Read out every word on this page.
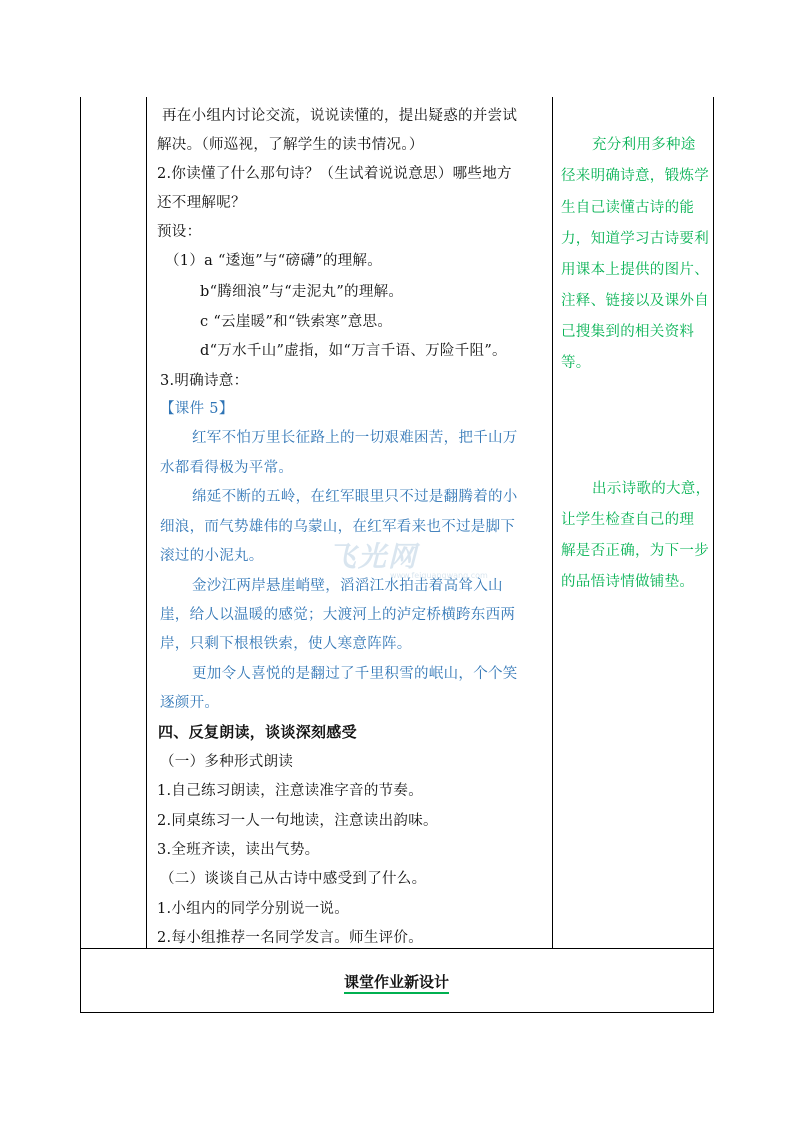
再在小组内讨论交流，说说读懂的，提出疑惑的并尝试
解决。（师巡视，了解学生的读书情况。）
2.你读懂了什么那句诗？（生试着说说意思）哪些地方
还不理解呢？
预设：
（1）a “逶迤”与“磅礴”的理解。
b“腾细浪”与“走泥丸”的理解。
c “云崖暖”和“铁索寒”意思。
d“万水千山”虚指，如“万言千语、万险千阻”。
3.明确诗意：
【课件 5】
红军不怕万里长征路上的一切艰难困苦，把千山万
水都看得极为平常。
绵延不断的五岭，在红军眼里只不过是翻腾着的小
细浪，而气势雄伟的乌蒙山，在红军看来也不过是脚下
滚过的小泥丸。
金沙江两岸悬崖峭壁，滔滔江水拍击着高耸入山
崖，给人以温暖的感觉；大渡河上的泸定桥横跨东西两
岸，只剩下根根铁索，使人寒意阵阵。
更加令人喜悦的是翻过了千里积雪的岷山，个个笑
逐颜开。
四、反复朗读，谈谈深刻感受
（一）多种形式朗读
1.自己练习朗读，注意读准字音的节奏。
2.同桌练习一人一句地读，注意读出韵味。
3.全班齐读，读出气势。
（二）谈谈自己从古诗中感受到了什么。
1.小组内的同学分别说一说。
2.每小组推荐一名同学发言。师生评价。
充分利用多种途
径来明确诗意，锻炼学
生自己读懂古诗的能
力，知道学习古诗要利
用课本上提供的图片、
注释、链接以及课外自
己搜集到的相关资料
等。
出示诗歌的大意，
让学生检查自己的理
解是否正确，为下一步
的品悟诗情做铺垫。
飞光网
www.feiguangwang.com
课堂作业新设计
